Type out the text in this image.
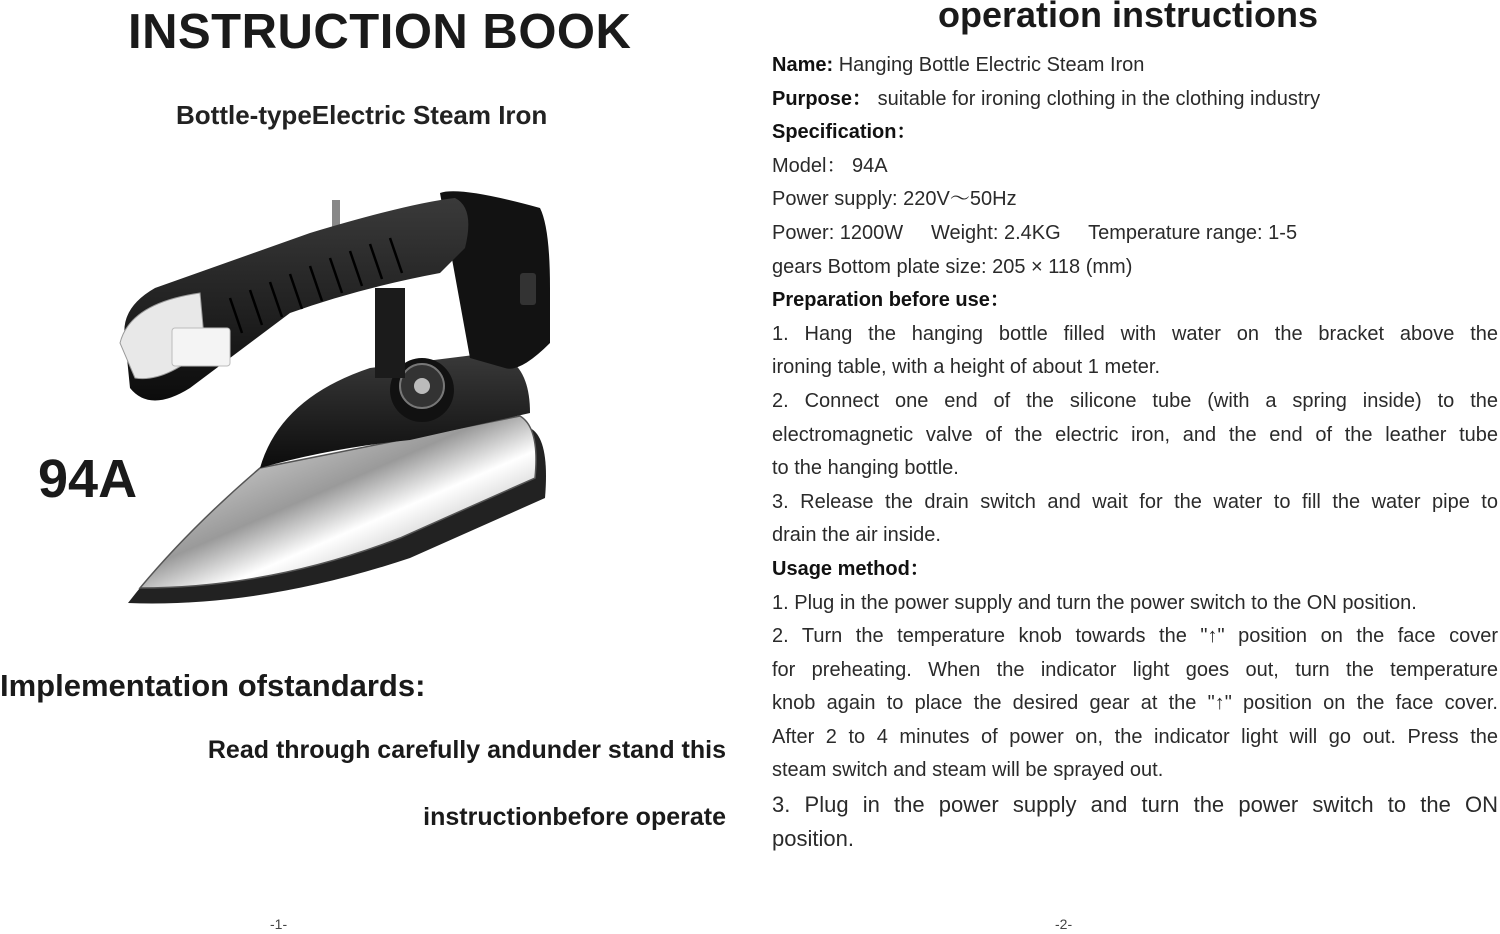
INSTRUCTION BOOK
Bottle-typeElectric Steam Iron
94A
Implementation ofstandards:
Read through carefully andunder stand this
instructionbefore operate
-1-
operation instructions
Name: Hanging Bottle Electric Steam Iron
Purpose： suitable for ironing clothing in the clothing industry
Specification：
Model： 94A
Power supply: 220V～50Hz
Power: 1200W     Weight: 2.4KG     Temperature range: 1-5
gears Bottom plate size: 205 × 118 (mm)
Preparation before use：
1. Hang the hanging bottle filled with water on the bracket above the
ironing table, with a height of about 1 meter.
2. Connect one end of the silicone tube (with a spring inside) to the
electromagnetic valve of the electric iron, and the end of the leather tube
to the hanging bottle.
3. Release the drain switch and wait for the water to fill the water pipe to
drain the air inside.
Usage method：
1. Plug in the power supply and turn the power switch to the ON position.
2. Turn the temperature knob towards the "↑" position on the face cover
for preheating. When the indicator light goes out, turn the temperature
knob again to place the desired gear at the "↑" position on the face cover.
After 2 to 4 minutes of power on, the indicator light will go out. Press the
steam switch and steam will be sprayed out.
3. Plug in the power supply and turn the power switch to the ON
position.
-2-
